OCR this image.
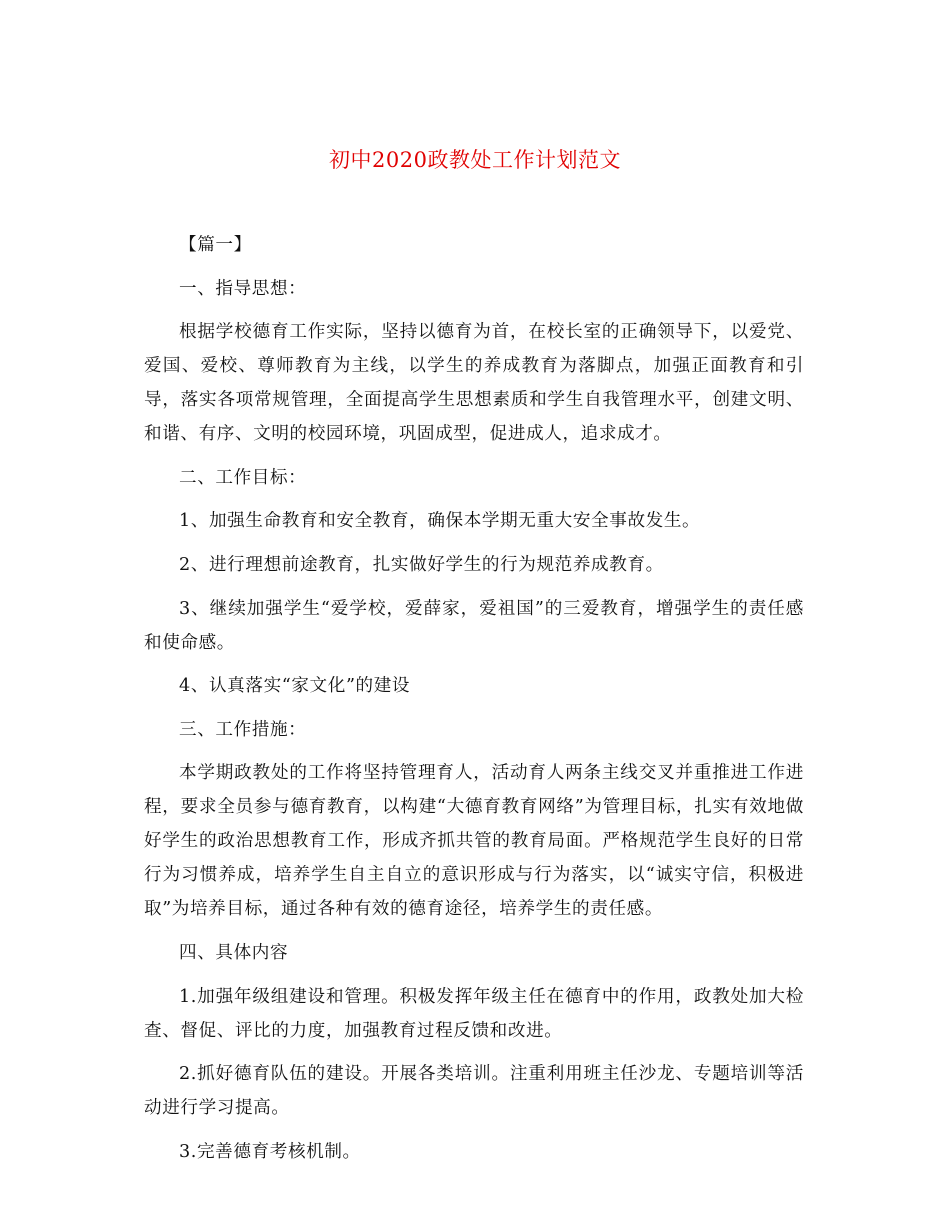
初中2020政教处工作计划范文

【篇一】

一、指导思想：

根据学校德育工作实际，坚持以德育为首，在校长室的正确领导下，以爱党、爱国、爱校、尊师教育为主线，以学生的养成教育为落脚点，加强正面教育和引导，落实各项常规管理，全面提高学生思想素质和学生自我管理水平，创建文明、和谐、有序、文明的校园环境，巩固成型，促进成人，追求成才。

二、工作目标：

1、加强生命教育和安全教育，确保本学期无重大安全事故发生。

2、进行理想前途教育，扎实做好学生的行为规范养成教育。

3、继续加强学生“爱学校，爱薛家，爱祖国”的三爱教育，增强学生的责任感和使命感。

4、认真落实“家文化”的建设

三、工作措施：

本学期政教处的工作将坚持管理育人，活动育人两条主线交叉并重推进工作进程，要求全员参与德育教育，以构建“大德育教育网络”为管理目标，扎实有效地做好学生的政治思想教育工作，形成齐抓共管的教育局面。严格规范学生良好的日常行为习惯养成，培养学生自主自立的意识形成与行为落实，以“诚实守信，积极进取”为培养目标，通过各种有效的德育途径，培养学生的责任感。

四、具体内容

1.加强年级组建设和管理。积极发挥年级主任在德育中的作用，政教处加大检查、督促、评比的力度，加强教育过程反馈和改进。

2.抓好德育队伍的建设。开展各类培训。注重利用班主任沙龙、专题培训等活动进行学习提高。

3.完善德育考核机制。
